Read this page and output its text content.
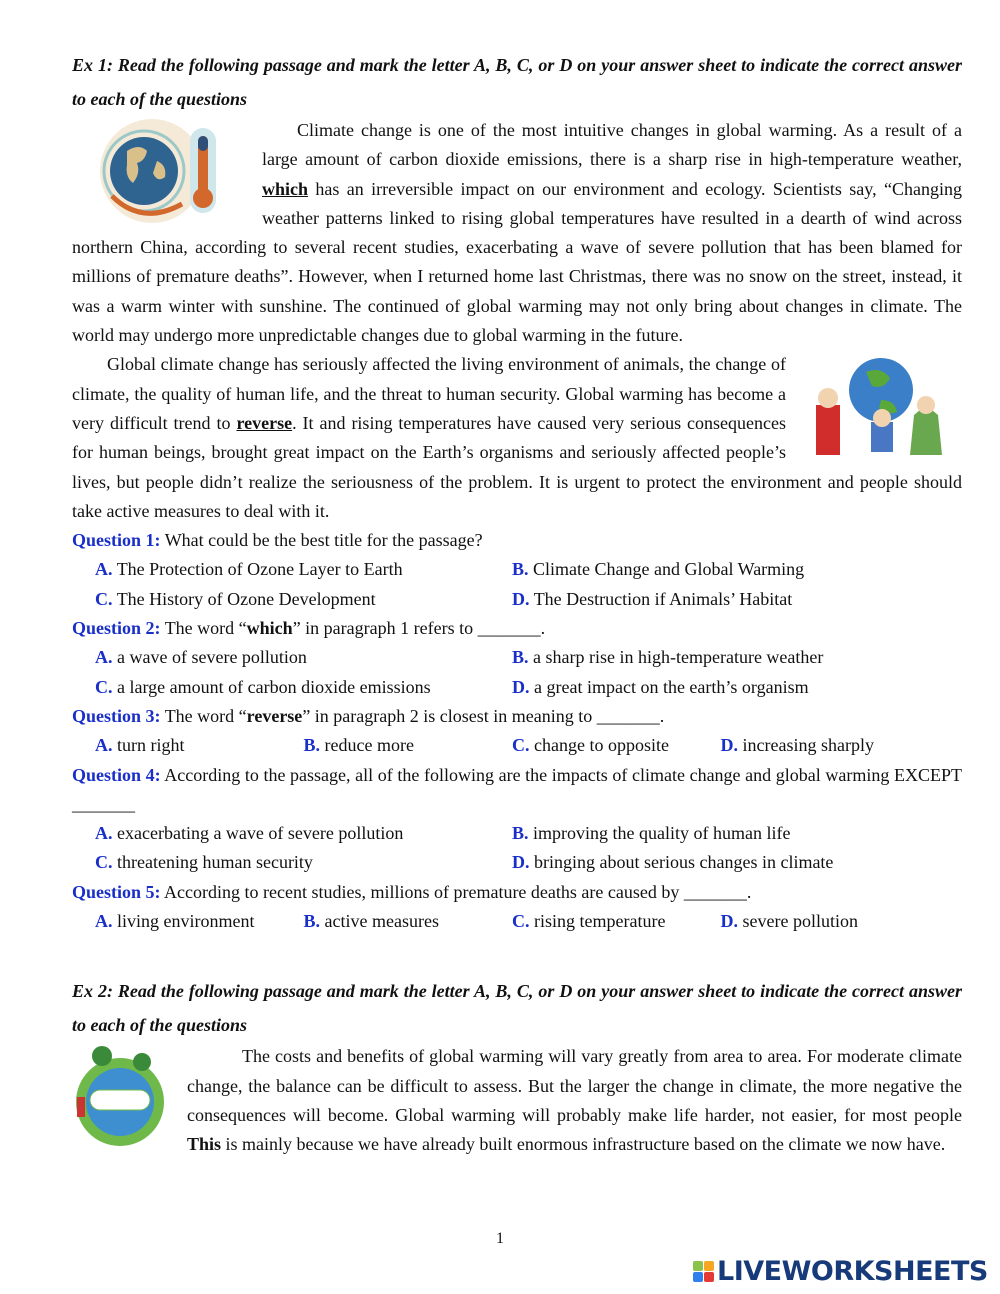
Ex 1: Read the following passage and mark the letter A, B, C, or D on your answer sheet to indicate the correct answer to each of the questions

Climate change is one of the most intuitive changes in global warming. As a result of a large amount of carbon dioxide emissions, there is a sharp rise in high-temperature weather, which has an irreversible impact on our environment and ecology. Scientists say, “Changing weather patterns linked to rising global temperatures have resulted in a dearth of wind across northern China, according to several recent studies, exacerbating a wave of severe pollution that has been blamed for millions of premature deaths”. However, when I returned home last Christmas, there was no snow on the street, instead, it was a warm winter with sunshine. The continued of global warming may not only bring about changes in climate. The world may undergo more unpredictable changes due to global warming in the future.

Global climate change has seriously affected the living environment of animals, the change of climate, the quality of human life, and the threat to human security. Global warming has become a very difficult trend to reverse. It and rising temperatures have caused very serious consequences for human beings, brought great impact on the Earth’s organisms and seriously affected people’s lives, but people didn’t realize the seriousness of the problem. It is urgent to protect the environment and people should take active measures to deal with it.

Question 1: What could be the best title for the passage?
A. The Protection of Ozone Layer to Earth	B. Climate Change and Global Warming
C. The History of Ozone Development	D. The Destruction if Animals’ Habitat
Question 2: The word “which” in paragraph 1 refers to _______.
A. a wave of severe pollution	B. a sharp rise in high-temperature weather
C. a large amount of carbon dioxide emissions	D. a great impact on the earth’s organism
Question 3: The word “reverse” in paragraph 2 is closest in meaning to _______.
A. turn right	B. reduce more	C. change to opposite	D. increasing sharply
Question 4: According to the passage, all of the following are the impacts of climate change and global warming EXCEPT _______
A. exacerbating a wave of severe pollution	B. improving the quality of human life
C. threatening human security	D. bringing about serious changes in climate
Question 5: According to recent studies, millions of premature deaths are caused by _______.
A. living environment	B. active measures	C. rising temperature	D. severe pollution
Ex 2: Read the following passage and mark the letter A, B, C, or D on your answer sheet to indicate the correct answer to each of the questions

The costs and benefits of global warming will vary greatly from area to area. For moderate climate change, the balance can be difficult to assess. But the larger the change in climate, the more negative the consequences will become. Global warming will probably make life harder, not easier, for most people This is mainly because we have already built enormous infrastructure based on the climate we now have.

1
LIVEWORKSHEETS
